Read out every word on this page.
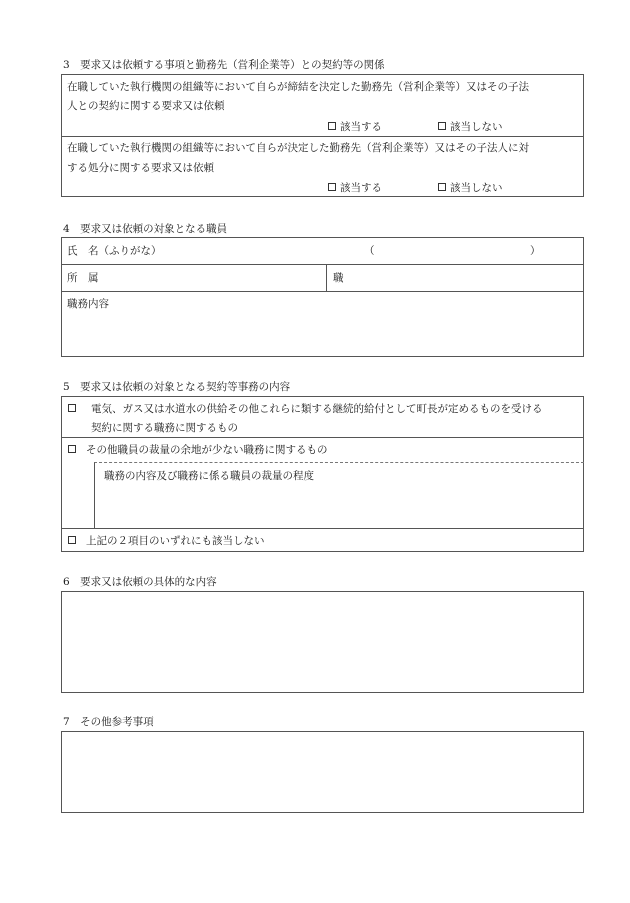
3　要求又は依頼する事項と勤務先（営利企業等）との契約等の関係
在職していた執行機関の組織等において自らが締結を決定した勤務先（営利企業等）又はその子法
人との契約に関する要求又は依頼
該当する	該当しない
在職していた執行機関の組織等において自らが決定した勤務先（営利企業等）又はその子法人に対
する処分に関する要求又は依頼
該当する	該当しない
4　要求又は依頼の対象となる職員
氏　名（ふりがな）	（	）
所　属	職
職務内容
5　要求又は依頼の対象となる契約等事務の内容
電気、ガス又は水道水の供給その他これらに類する継続的給付として町長が定めるものを受ける
契約に関する職務に関するもの
その他職員の裁量の余地が少ない職務に関するもの
職務の内容及び職務に係る職員の裁量の程度
上記の２項目のいずれにも該当しない
6　要求又は依頼の具体的な内容
7　その他参考事項
